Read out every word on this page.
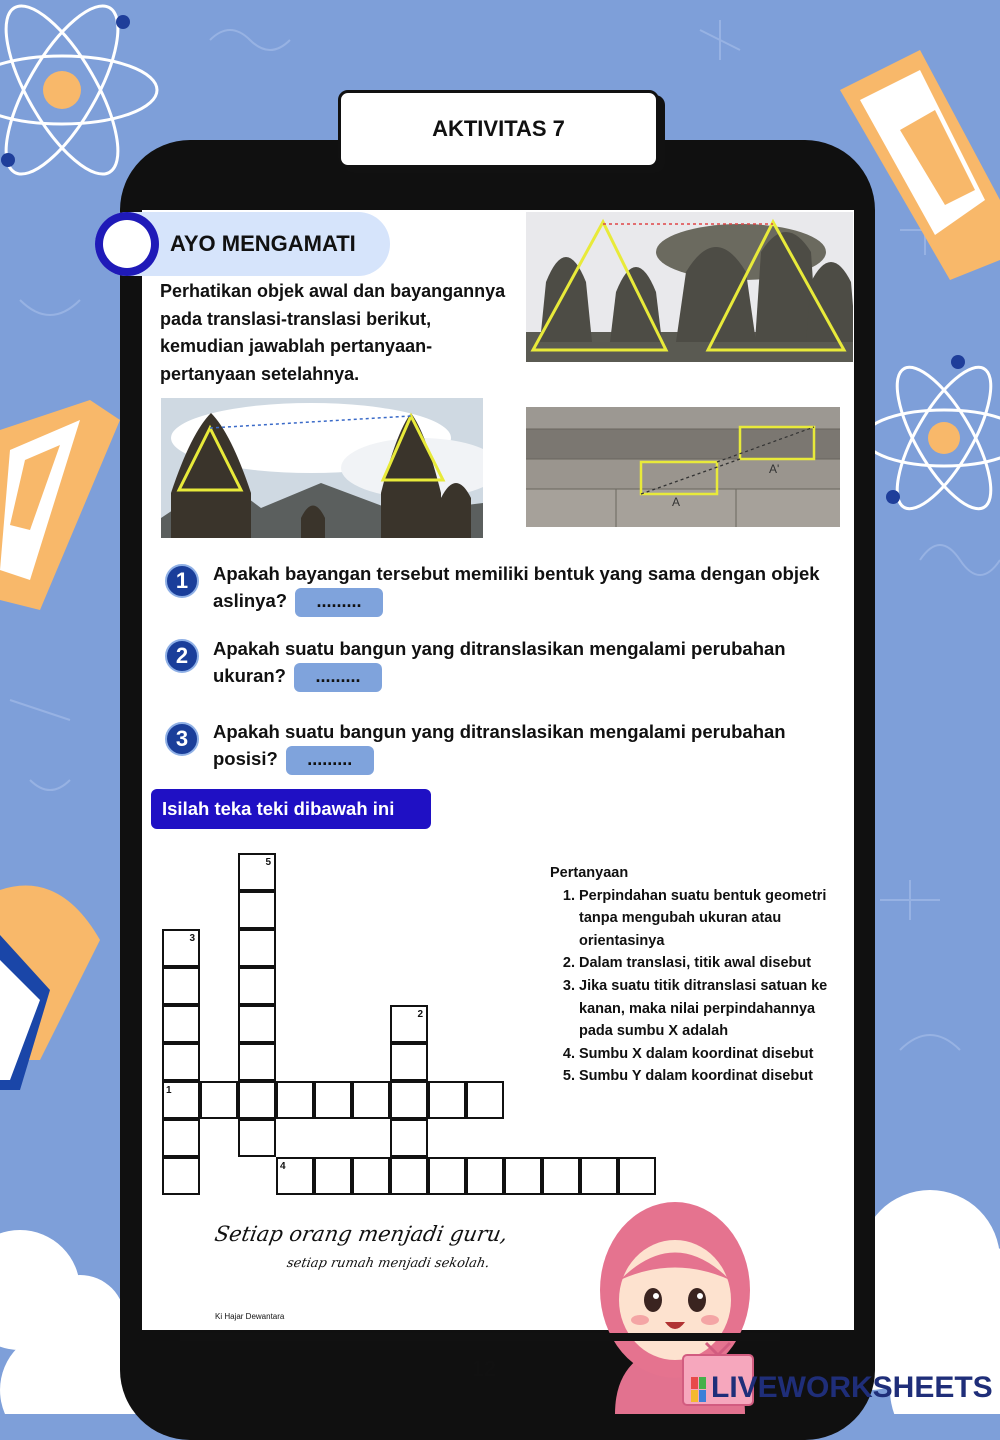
AKTIVITAS 7
AYO MENGAMATI
Perhatikan objek awal dan bayangannya pada translasi-translasi berikut, kemudian jawablah pertanyaan-pertanyaan setelahnya.
A
A'
1	Apakah bayangan tersebut memiliki bentuk yang sama dengan objek aslinya? .........
2	Apakah suatu bangun yang ditranslasikan mengalami perubahan ukuran? .........
3	Apakah suatu bangun yang ditranslasikan mengalami perubahan posisi? .........
Isilah teka teki dibawah ini
5
3
1
2
4
Pertanyaan
1. Perpindahan suatu bentuk geometri tanpa mengubah ukuran atau orientasinya
2. Dalam translasi, titik awal disebut
3. Jika suatu titik ditranslasi satuan ke kanan, maka nilai perpindahannya pada sumbu X adalah
4. Sumbu X dalam koordinat disebut
5. Sumbu Y dalam koordinat disebut
Setiap orang menjadi guru,
setiap rumah menjadi sekolah.
Ki Hajar Dewantara
12
LIVEWORKSHEETS
